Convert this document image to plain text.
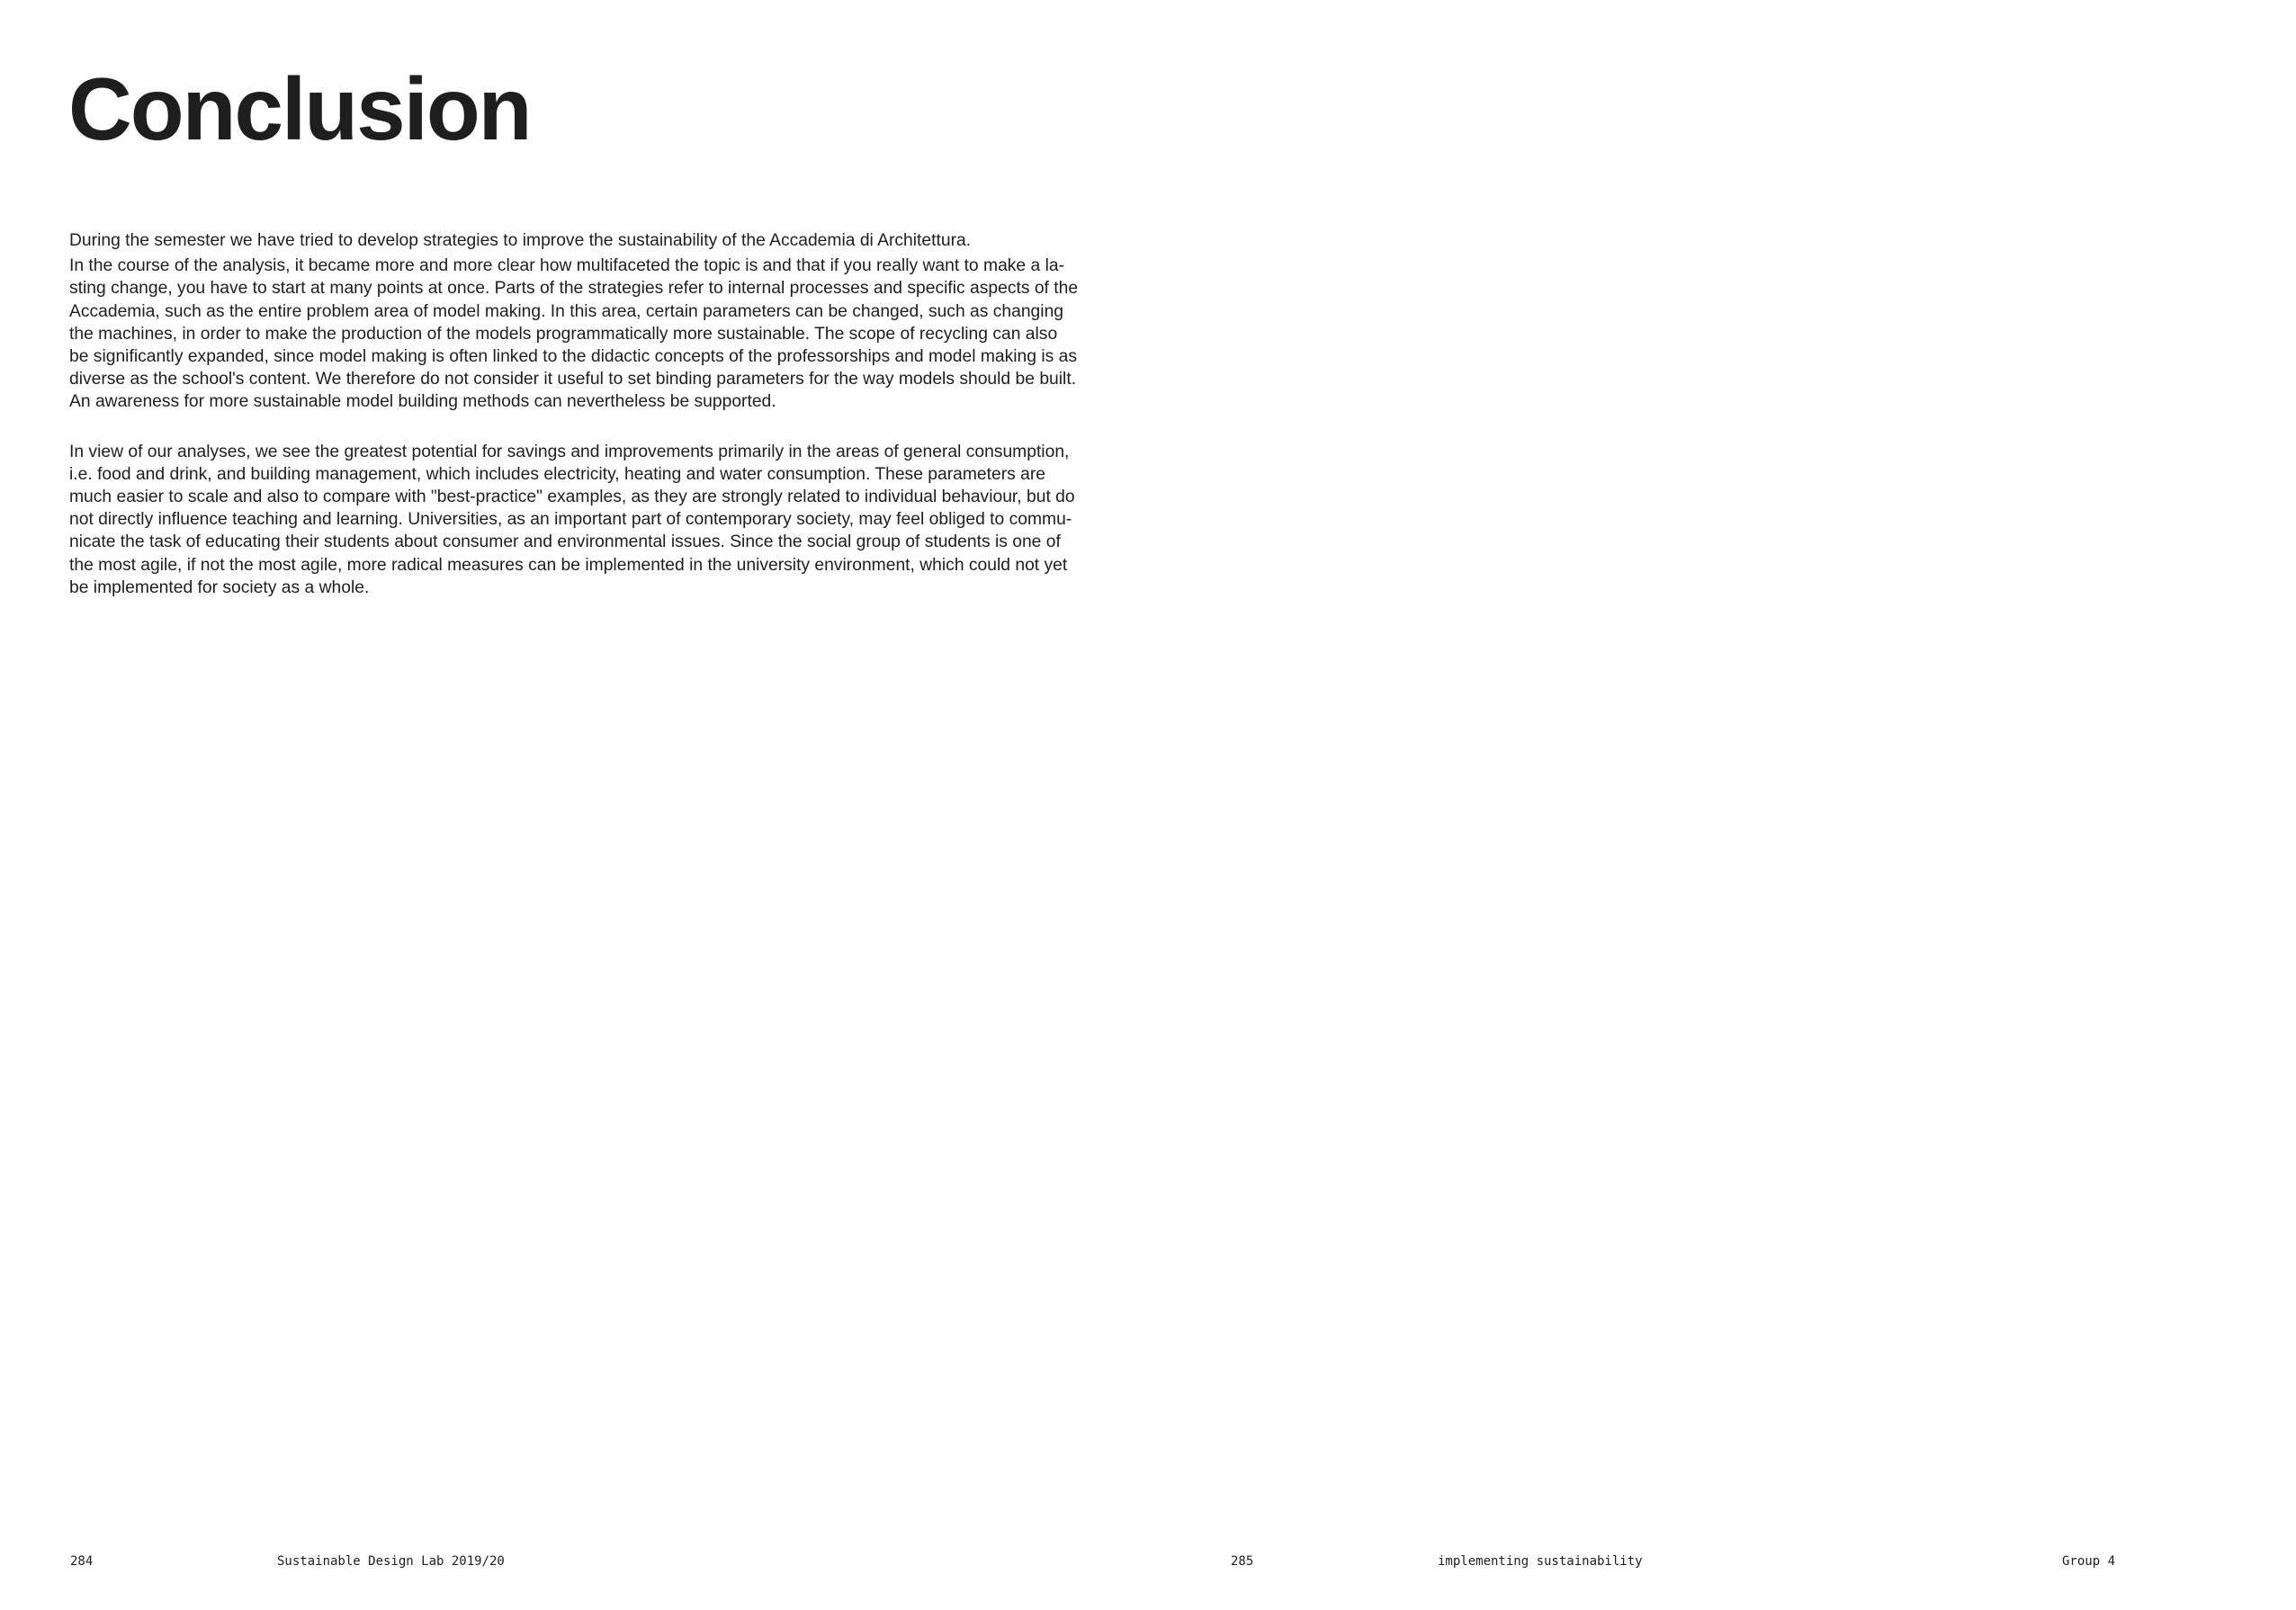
Conclusion

During the semester we have tried to develop strategies to improve the sustainability of the Accademia di Architettura.

In the course of the analysis, it became more and more clear how multifaceted the topic is and that if you really want to make a la-
sting change, you have to start at many points at once. Parts of the strategies refer to internal processes and specific aspects of the
Accademia, such as the entire problem area of model making. In this area, certain parameters can be changed, such as changing
the machines, in order to make the production of the models programmatically more sustainable. The scope of recycling can also
be significantly expanded, since model making is often linked to the didactic concepts of the professorships and model making is as
diverse as the school's content. We therefore do not consider it useful to set binding parameters for the way models should be built.
An awareness for more sustainable model building methods can nevertheless be supported.

In view of our analyses, we see the greatest potential for savings and improvements primarily in the areas of general consumption,
i.e. food and drink, and building management, which includes electricity, heating and water consumption. These parameters are
much easier to scale and also to compare with "best-practice" examples, as they are strongly related to individual behaviour, but do
not directly influence teaching and learning. Universities, as an important part of contemporary society, may feel obliged to commu-
nicate the task of educating their students about consumer and environmental issues. Since the social group of students is one of
the most agile, if not the most agile, more radical measures can be implemented in the university environment, which could not yet
be implemented for society as a whole.

284	Sustainable Design Lab 2019/20	285	implementing sustainability	Group 4
